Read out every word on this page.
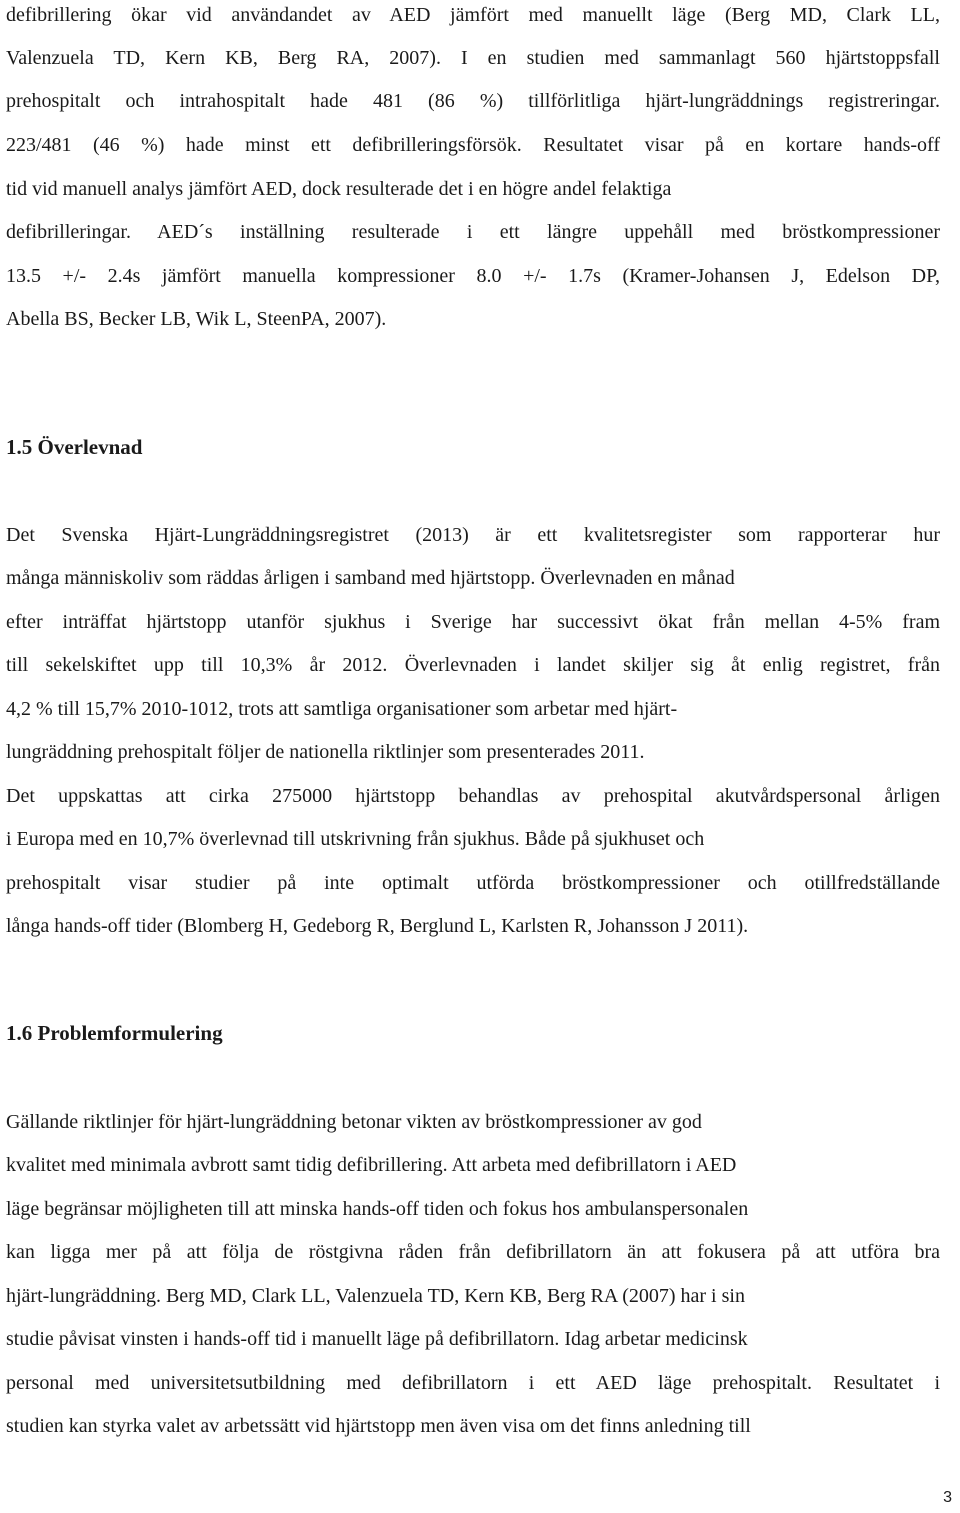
defibrillering ökar vid användandet av AED jämfört med manuellt läge (Berg MD, Clark LL,
Valenzuela TD, Kern KB, Berg RA, 2007). I en studien med sammanlagt 560 hjärtstoppsfall
prehospitalt och intrahospitalt hade 481 (86 %) tillförlitliga hjärt-lungräddnings registreringar.
223/481 (46 %) hade minst ett defibrilleringsförsök. Resultatet visar på en kortare hands-off
tid vid manuell analys jämfört AED, dock resulterade det i en högre andel felaktiga
defibrilleringar. AED´s inställning resulterade i ett längre uppehåll med bröstkompressioner
13.5 +/- 2.4s jämfört manuella kompressioner 8.0 +/- 1.7s (Kramer-Johansen J, Edelson DP,
Abella BS, Becker LB, Wik L, SteenPA, 2007).
1.5 Överlevnad
Det Svenska Hjärt-Lungräddningsregistret (2013) är ett kvalitetsregister som rapporterar hur
många människoliv som räddas årligen i samband med hjärtstopp. Överlevnaden en månad
efter inträffat hjärtstopp utanför sjukhus i Sverige har successivt ökat från mellan 4-5% fram
till sekelskiftet upp till 10,3% år 2012. Överlevnaden i landet skiljer sig åt enlig registret, från
4,2 % till 15,7% 2010-1012, trots att samtliga organisationer som arbetar med hjärt-
lungräddning prehospitalt följer de nationella riktlinjer som presenterades 2011.
Det uppskattas att cirka 275000 hjärtstopp behandlas av prehospital akutvårdspersonal årligen
i Europa med en 10,7% överlevnad till utskrivning från sjukhus. Både på sjukhuset och
prehospitalt visar studier på inte optimalt utförda bröstkompressioner och otillfredställande
långa hands-off tider (Blomberg H, Gedeborg R, Berglund L, Karlsten R, Johansson J 2011).
1.6 Problemformulering
Gällande riktlinjer för hjärt-lungräddning betonar vikten av bröstkompressioner av god
kvalitet med minimala avbrott samt tidig defibrillering. Att arbeta med defibrillatorn i AED
läge begränsar möjligheten till att minska hands-off tiden och fokus hos ambulanspersonalen
kan ligga mer på att följa de röstgivna råden från defibrillatorn än att fokusera på att utföra bra
hjärt-lungräddning. Berg MD, Clark LL, Valenzuela TD, Kern KB, Berg RA (2007) har i sin
studie påvisat vinsten i hands-off tid i manuellt läge på defibrillatorn. Idag arbetar medicinsk
personal med universitetsutbildning med defibrillatorn i ett AED läge prehospitalt. Resultatet i
studien kan styrka valet av arbetssätt vid hjärtstopp men även visa om det finns anledning till
3
